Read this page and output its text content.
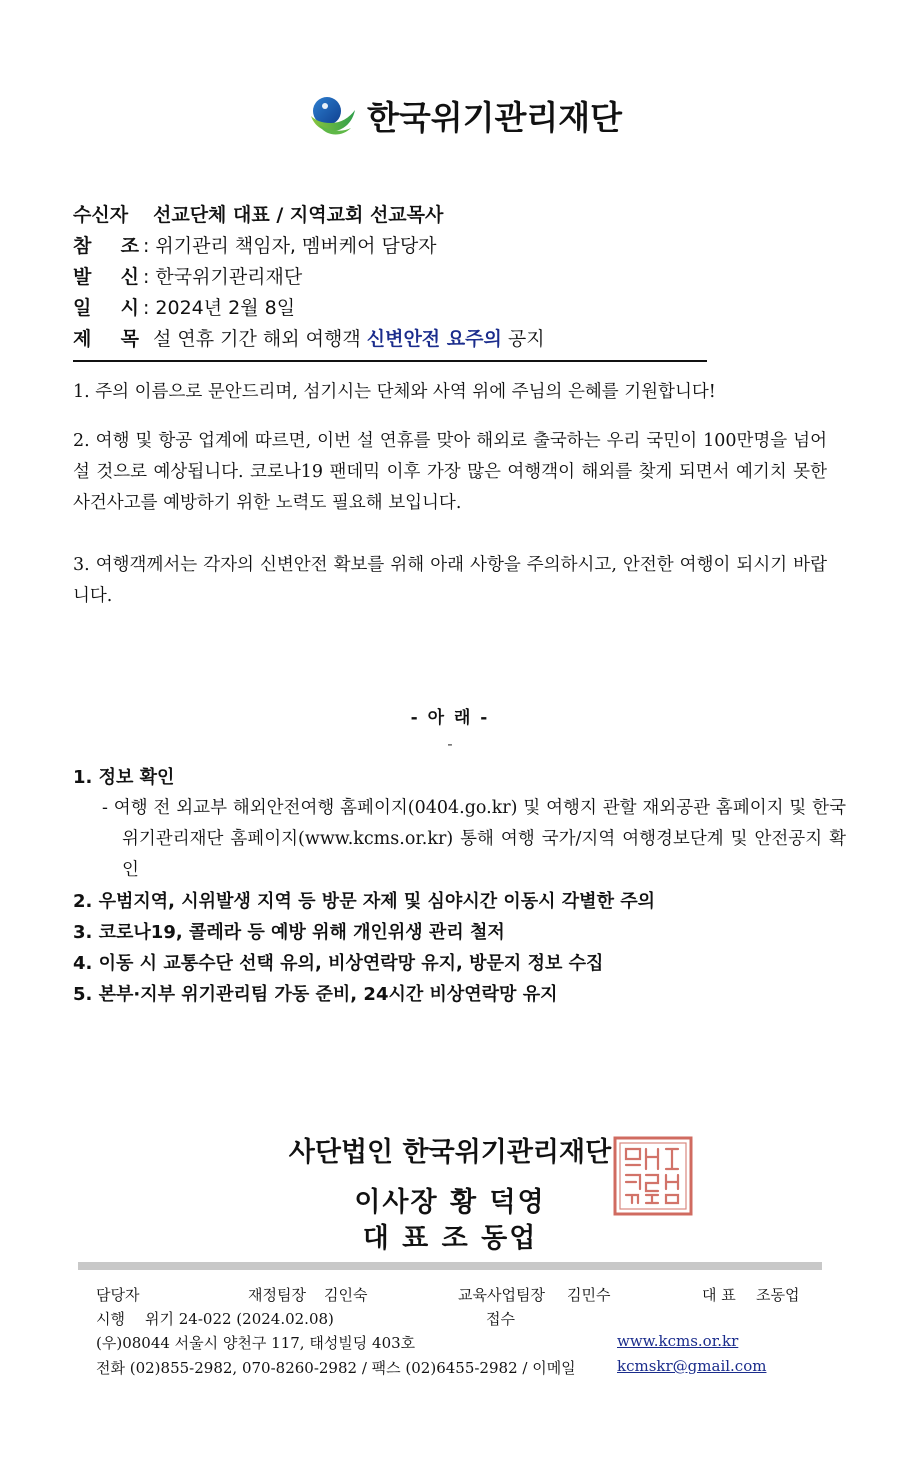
한국위기관리재단
수신자 선교단체 대표 / 지역교회 선교목사
참 조 : 위기관리 책임자, 멤버케어 담당자
발 신 : 한국위기관리재단
일 시 : 2024년 2월 8일
제 목 설 연휴 기간 해외 여행객 신변안전 요주의 공지
1. 주의 이름으로 문안드리며, 섬기시는 단체와 사역 위에 주님의 은혜를 기원합니다!
2. 여행 및 항공 업계에 따르면, 이번 설 연휴를 맞아 해외로 출국하는 우리 국민이 100만명을 넘어설 것으로 예상됩니다. 코로나19 팬데믹 이후 가장 많은 여행객이 해외를 찾게 되면서 예기치 못한 사건사고를 예방하기 위한 노력도 필요해 보입니다.
3. 여행객께서는 각자의 신변안전 확보를 위해 아래 사항을 주의하시고, 안전한 여행이 되시기 바랍니다.
- 아 래 -
-
1. 정보 확인
- 여행 전 외교부 해외안전여행 홈페이지(0404.go.kr) 및 여행지 관할 재외공관 홈페이지 및 한국위기관리재단 홈페이지(www.kcms.or.kr) 통해 여행 국가/지역 여행경보단계 및 안전공지 확인
2. 우범지역, 시위발생 지역 등 방문 자제 및 심야시간 이동시 각별한 주의
3. 코로나19, 콜레라 등 예방 위해 개인위생 관리 철저
4. 이동 시 교통수단 선택 유의, 비상연락망 유지, 방문지 정보 수집
5. 본부·지부 위기관리팀 가동 준비, 24시간 비상연락망 유지
사단법인 한국위기관리재단
이사장 황 덕영
대 표 조 동업
담당자	재정팀장 김인숙	교육사업팀장 김민수	대 표 조동업
시행 위기 24-022 (2024.02.08)	접수
(우)08044 서울시 양천구 117, 태성빌딩 403호	www.kcms.or.kr
전화 (02)855-2982, 070-8260-2982 / 팩스 (02)6455-2982 / 이메일	kcmskr@gmail.com
